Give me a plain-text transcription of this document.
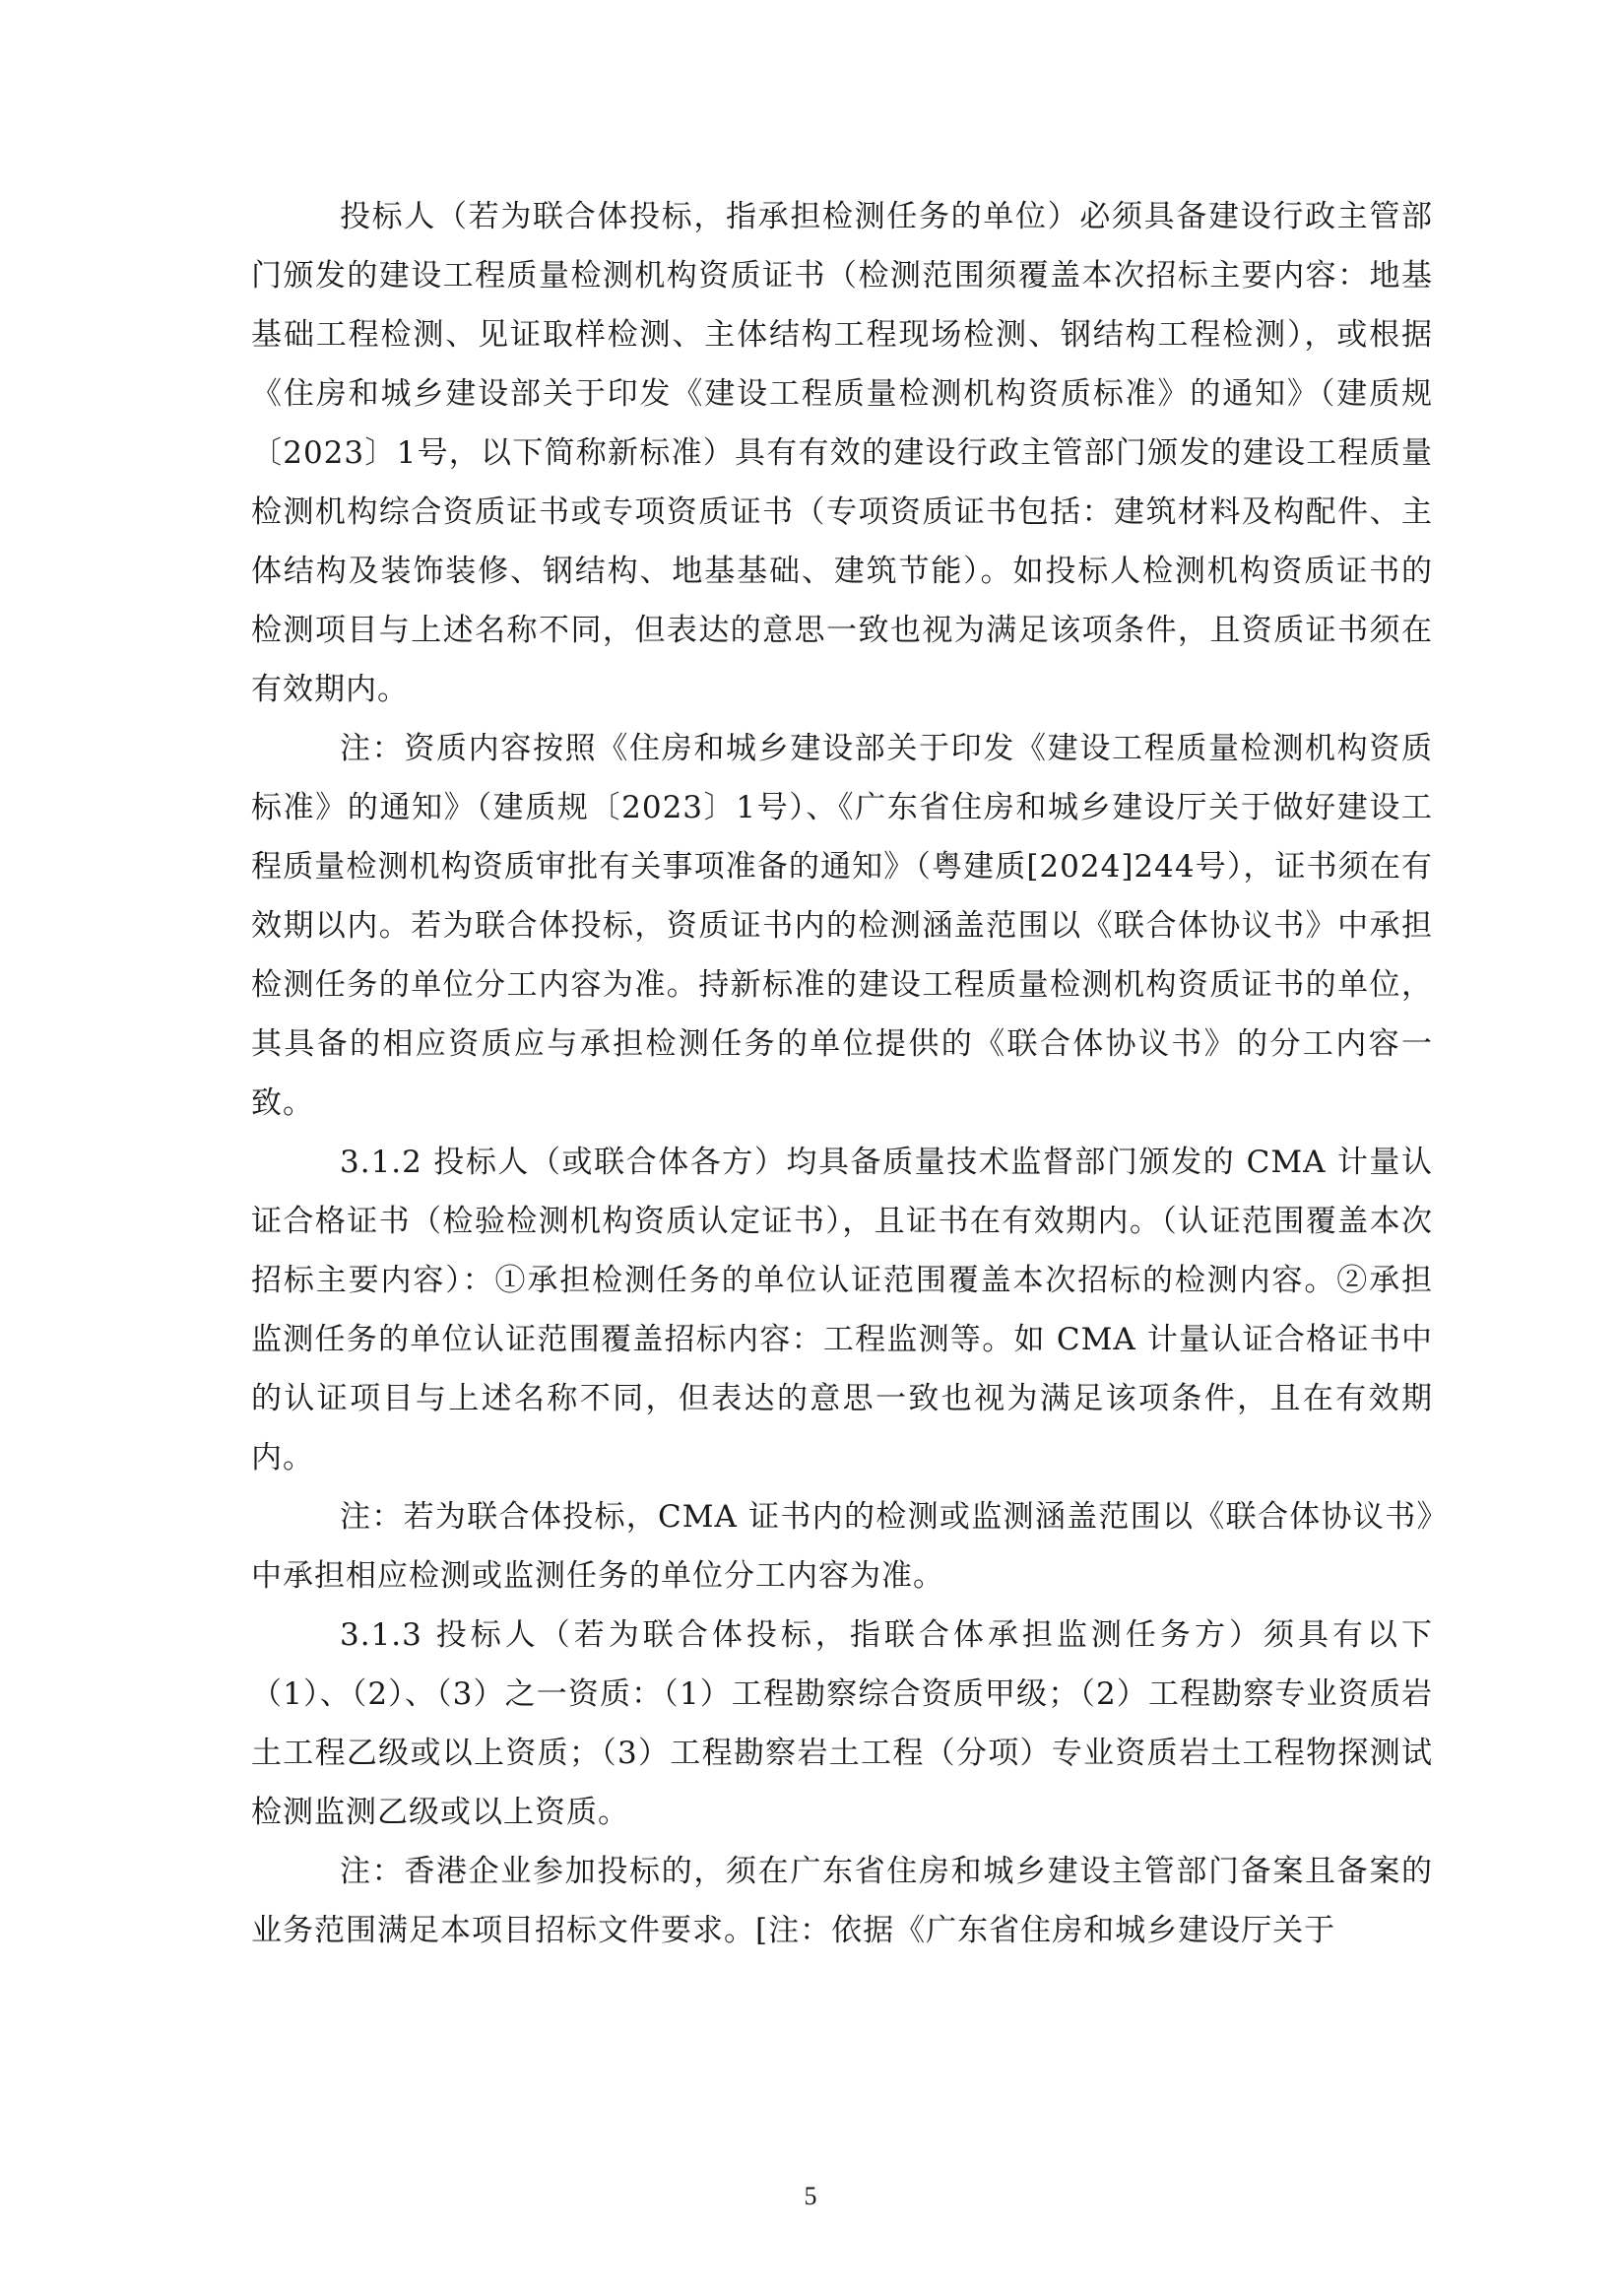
投标人（若为联合体投标，指承担检测任务的单位）必须具备建设行政主管部门颁发的建设工程质量检测机构资质证书（检测范围须覆盖本次招标主要内容：地基基础工程检测、见证取样检测、主体结构工程现场检测、钢结构工程检测），或根据《住房和城乡建设部关于印发《建设工程质量检测机构资质标准》的通知》（建质规〔2023〕1号，以下简称新标准）具有有效的建设行政主管部门颁发的建设工程质量检测机构综合资质证书或专项资质证书（专项资质证书包括：建筑材料及构配件、主体结构及装饰装修、钢结构、地基基础、建筑节能）。如投标人检测机构资质证书的检测项目与上述名称不同，但表达的意思一致也视为满足该项条件，且资质证书须在有效期内。

注：资质内容按照《住房和城乡建设部关于印发《建设工程质量检测机构资质标准》的通知》（建质规〔2023〕1号）、《广东省住房和城乡建设厅关于做好建设工程质量检测机构资质审批有关事项准备的通知》（粤建质[2024]244号），证书须在有效期以内。若为联合体投标，资质证书内的检测涵盖范围以《联合体协议书》中承担检测任务的单位分工内容为准。持新标准的建设工程质量检测机构资质证书的单位，其具备的相应资质应与承担检测任务的单位提供的《联合体协议书》的分工内容一致。

3.1.2 投标人（或联合体各方）均具备质量技术监督部门颁发的 CMA 计量认证合格证书（检验检测机构资质认定证书），且证书在有效期内。（认证范围覆盖本次招标主要内容）：①承担检测任务的单位认证范围覆盖本次招标的检测内容。②承担监测任务的单位认证范围覆盖招标内容：工程监测等。如 CMA 计量认证合格证书中的认证项目与上述名称不同，但表达的意思一致也视为满足该项条件，且在有效期内。

注：若为联合体投标，CMA 证书内的检测或监测涵盖范围以《联合体协议书》中承担相应检测或监测任务的单位分工内容为准。

3.1.3 投标人（若为联合体投标，指联合体承担监测任务方）须具有以下（1）、（2）、（3）之一资质：（1）工程勘察综合资质甲级；（2）工程勘察专业资质岩土工程乙级或以上资质；（3）工程勘察岩土工程（分项）专业资质岩土工程物探测试检测监测乙级或以上资质。

注：香港企业参加投标的，须在广东省住房和城乡建设主管部门备案且备案的业务范围满足本项目招标文件要求。[注：依据《广东省住房和城乡建设厅关于

5
